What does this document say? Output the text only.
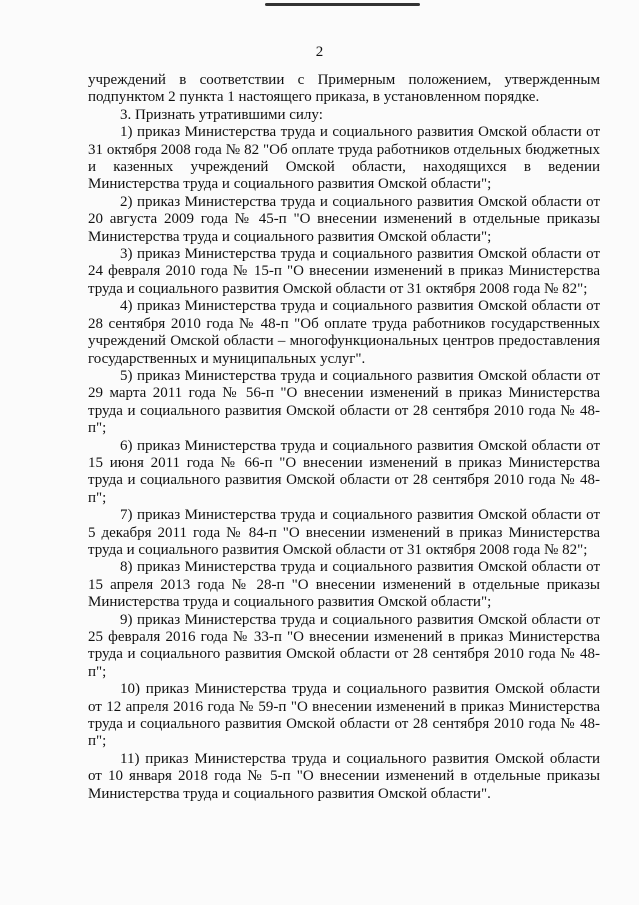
2

учреждений в соответствии с Примерным положением, утвержденным подпунктом 2 пункта 1 настоящего приказа, в установленном порядке.

3. Признать утратившими силу:

1) приказ Министерства труда и социального развития Омской области от 31 октября 2008 года № 82 "Об оплате труда работников отдельных бюджетных и казенных учреждений Омской области, находящихся в ведении Министерства труда и социального развития Омской области";

2) приказ Министерства труда и социального развития Омской области от 20 августа 2009 года № 45-п "О внесении изменений в отдельные приказы Министерства труда и социального развития Омской области";

3) приказ Министерства труда и социального развития Омской области от 24 февраля 2010 года № 15-п "О внесении изменений в приказ Министерства труда и социального развития Омской области от 31 октября 2008 года № 82";

4) приказ Министерства труда и социального развития Омской области от 28 сентября 2010 года № 48-п "Об оплате труда работников государственных учреждений Омской области – многофункциональных центров предоставления государственных и муниципальных услуг".

5) приказ Министерства труда и социального развития Омской области от 29 марта 2011 года № 56-п "О внесении изменений в приказ Министерства труда и социального развития Омской области от 28 сентября 2010 года № 48-п";

6) приказ Министерства труда и социального развития Омской области от 15 июня 2011 года № 66-п "О внесении изменений в приказ Министерства труда и социального развития Омской области от 28 сентября 2010 года № 48-п";

7) приказ Министерства труда и социального развития Омской области от 5 декабря 2011 года № 84-п "О внесении изменений в приказ Министерства труда и социального развития Омской области от 31 октября 2008 года № 82";

8) приказ Министерства труда и социального развития Омской области от 15 апреля 2013 года № 28-п "О внесении изменений в отдельные приказы Министерства труда и социального развития Омской области";

9) приказ Министерства труда и социального развития Омской области от 25 февраля 2016 года № 33-п "О внесении изменений в приказ Министерства труда и социального развития Омской области от 28 сентября 2010 года № 48-п";

10) приказ Министерства труда и социального развития Омской области от 12 апреля 2016 года № 59-п "О внесении изменений в приказ Министерства труда и социального развития Омской области от 28 сентября 2010 года № 48-п";

11) приказ Министерства труда и социального развития Омской области от 10 января 2018 года № 5-п "О внесении изменений в отдельные приказы Министерства труда и социального развития Омской области".
